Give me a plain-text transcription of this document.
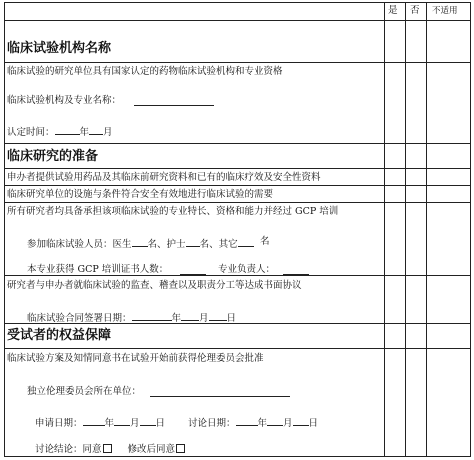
是 否 不适用
临床试验机构名称
临床试验的研究单位具有国家认定的药物临床试验机构和专业资格
临床试验机构及专业名称：
认定时间：	年 月
临床研究的准备
申办者提供试验用药品及其临床前研究资料和已有的临床疗效及安全性资料
临床研究单位的设施与条件符合安全有效地进行临床试验的需要
所有研究者均具备承担该项临床试验的专业特长、资格和能力并经过 GCP 培训
参加临床试验人员：医生 名、护士 名、其它	名
本专业获得 GCP 培训证书人数：	专业负责人：
研究者与申办者就临床试验的监查、稽查以及职责分工等达成书面协议
临床试验合同签署日期：	年 月 日
受试者的权益保障
临床试验方案及知情同意书在试验开始前获得伦理委员会批准
独立伦理委员会所在单位：
申请日期： 年 月 日 讨论日期： 年 月 日
讨论结论：同意	修改后同意
